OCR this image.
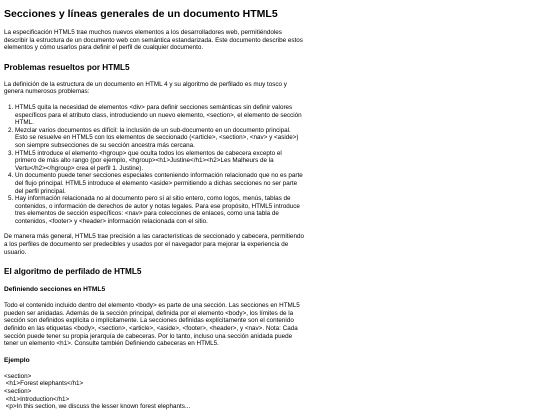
Secciones y líneas generales de un documento HTML5

La especificación HTML5 trae muchos nuevos elementos a los desarrolladores web, permitiéndoles describir la estructura de un documento web con semántica estandarizada. Este documento describe estos elementos y cómo usarlos para definir el perfil de cualquier documento.

Problemas resueltos por HTML5

La definición de la estructura de un documento en HTML 4 y su algoritmo de perfilado es muy tosco y genera numerosos problemas:

1. HTML5 quita la necesidad de elementos <div> para definir secciones semánticas sin definir valores específicos para el atributo class, introduciendo un nuevo elemento, <section>, el elemento de sección HTML.
2. Mezclar varios documentos es difícil: la inclusión de un sub-documento en un documento principal. Esto se resuelve en HTML5 con los elementos de seccionado (<article>, <section>, <nav> y <aside>) son siempre subsecciones de su sección ancestra más cercana.
3. HTML5 introduce el elemento <hgroup> que oculta todos los elementos de cabecera excepto el primero de más alto rango (por ejemplo, <hgroup><h1>Justine</h1><h2>Les Malheurs de la Vertu</h2></hgroup> crea el perfil 1. Justine).
4. Un documento puede tener secciones especiales conteniendo información relacionado que no es parte del flujo principal. HTML5 introduce el elemento <aside> permitiendo a dichas secciones no ser parte del perfil principal.
5. Hay información relacionada no al documento pero sí al sitio entero, como logos, menús, tablas de contenidos, o información de derechos de autor y notas legales. Para ese propósito, HTML5 introduce tres elementos de sección específicos: <nav> para colecciones de enlaces, como una tabla de contenidos, <footer> y <header> información relacionada con el sitio.

De manera más general, HTML5 trae precisión a las características de seccionado y cabecera, permitiendo a los perfiles de documento ser predecibles y usados por el navegador para mejorar la experiencia de usuario.

El algoritmo de perfilado de HTML5
Definiendo secciones en HTML5

Todo el contenido incluido dentro del elemento <body> es parte de una sección. Las secciones en HTML5 pueden ser anidadas. Además de la sección principal, definida por el elemento <body>, los límites de la sección son definidos explícita o implícitamente. La secciones definidas explícitamente son el contenido definido en las etiquetas <body>, <section>, <article>, <aside>, <footer>, <header>, y <nav>. Nota: Cada sección puede tener su propia jerarquía de cabeceras. Por lo tanto, incluso una sección anidada puede tener un elemento <h1>. Consulte también Definiendo cabeceras en HTML5.

Ejemplo
<section>
<h1>Forest elephants</h1>
<section>
<h1>Introduction</h1>
<p>In this section, we discuss the lesser known forest elephants...
